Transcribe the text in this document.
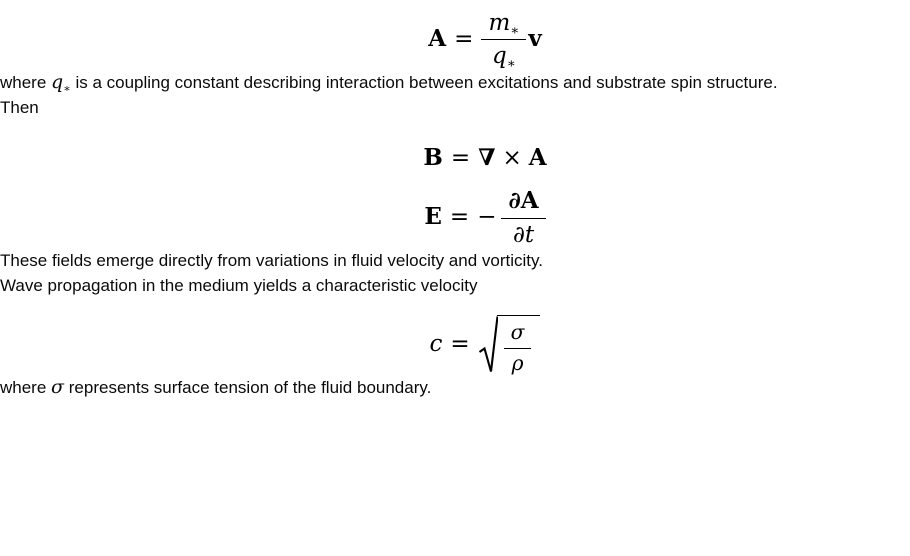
$A = \frac{m_∗}{q_∗}$ v

where $q_∗$ is a coupling constant describing interaction between excitations and substrate spin structure.

Then

B = ∇ × A
E = − $\frac{\partial A}{\partial t}$

These fields emerge directly from variations in fluid velocity and vorticity.

Wave propagation in the medium yields a characteristic velocity

$c = \frac{\sigma}{\rho}$

where σ represents surface tension of the fluid boundary.
